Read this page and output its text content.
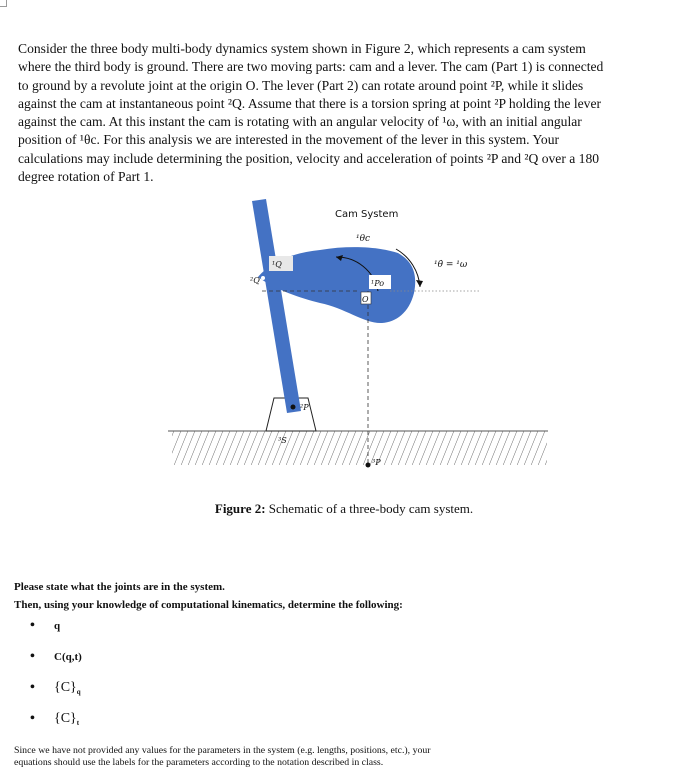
Consider the three body multi-body dynamics system shown in Figure 2, which represents a cam system

where the third body is ground. There are two moving parts: cam and a lever. The cam (Part 1) is connected

to ground by a revolute joint at the origin O. The lever (Part 2) can rotate around point ²P, while it slides

against the cam at instantaneous point ²Q. Assume that there is a torsion spring at point ²P holding the lever

against the cam. At this instant the cam is rotating with an angular velocity of ¹ω, with an initial angular

position of ¹θc. For this analysis we are interested in the movement of the lever in this system. Your

calculations may include determining the position, velocity and acceleration of points ²P and ²Q over a 180

degree rotation of Part 1.

Cam System
¹θc
¹θ̇ = ¹ω
¹Q
²Q	¹Po
O
²P
³S
³P
Figure 2: Schematic of a three-body cam system.

Please state what the joints are in the system.

Then, using your knowledge of computational kinematics, determine the following:

• q
• C(q,t)
• $\{C\}_q$
• $\{C\}_t$

Since we have not provided any values for the parameters in the system (e.g. lengths, positions, etc.), your

equations should use the labels for the parameters according to the notation described in class.
